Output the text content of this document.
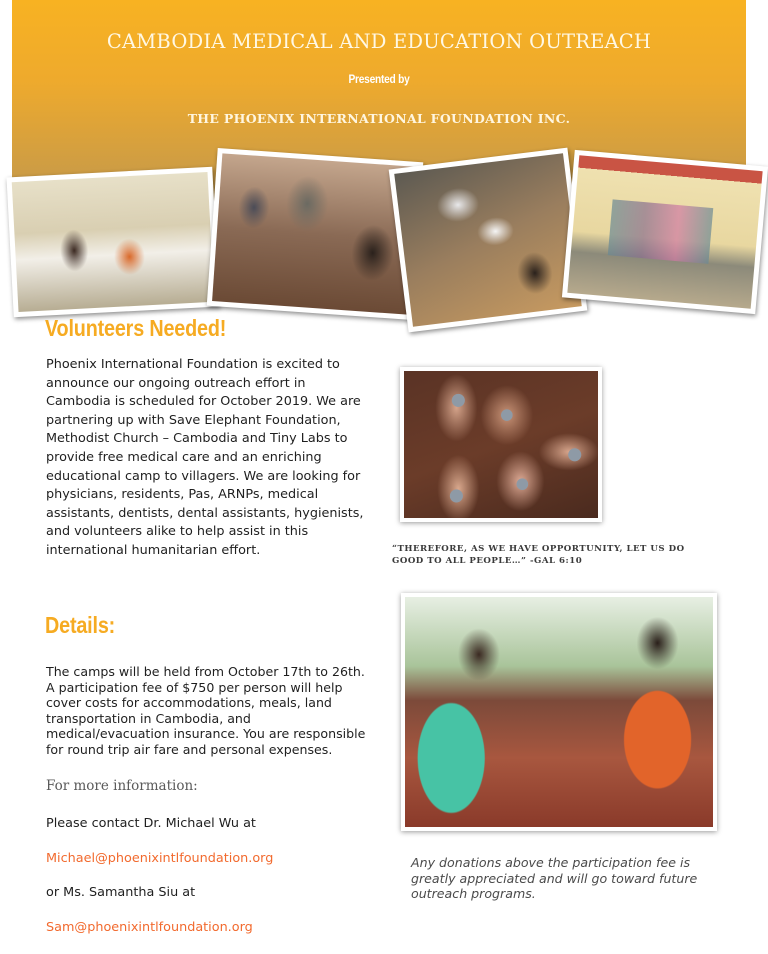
CAMBODIA MEDICAL AND EDUCATION OUTREACH
Presented by
THE PHOENIX INTERNATIONAL FOUNDATION INC.
Volunteers Needed!
Phoenix International Foundation is excited to announce our ongoing outreach effort in Cambodia is scheduled for October 2019. We are partnering up with Save Elephant Foundation, Methodist Church – Cambodia and Tiny Labs to provide free medical care and an enriching educational camp to villagers. We are looking for physicians, residents, Pas, ARNPs, medical assistants, dentists, dental assistants, hygienists, and volunteers alike to help assist in this international humanitarian effort.	“THEREFORE, AS WE HAVE OPPORTUNITY, LET US DO GOOD TO ALL PEOPLE…” -GAL 6:10
Details:
The camps will be held from October 17th to 26th. A participation fee of $750 per person will help cover costs for accommodations, meals, land transportation in Cambodia, and medical/evacuation insurance. You are responsible for round trip air fare and personal expenses.
For more information:
Please contact Dr. Michael Wu at
Michael@phoenixintlfoundation.org
or Ms. Samantha Siu at
Sam@phoenixintlfoundation.org
Any donations above the participation fee is greatly appreciated and will go toward future outreach programs.
